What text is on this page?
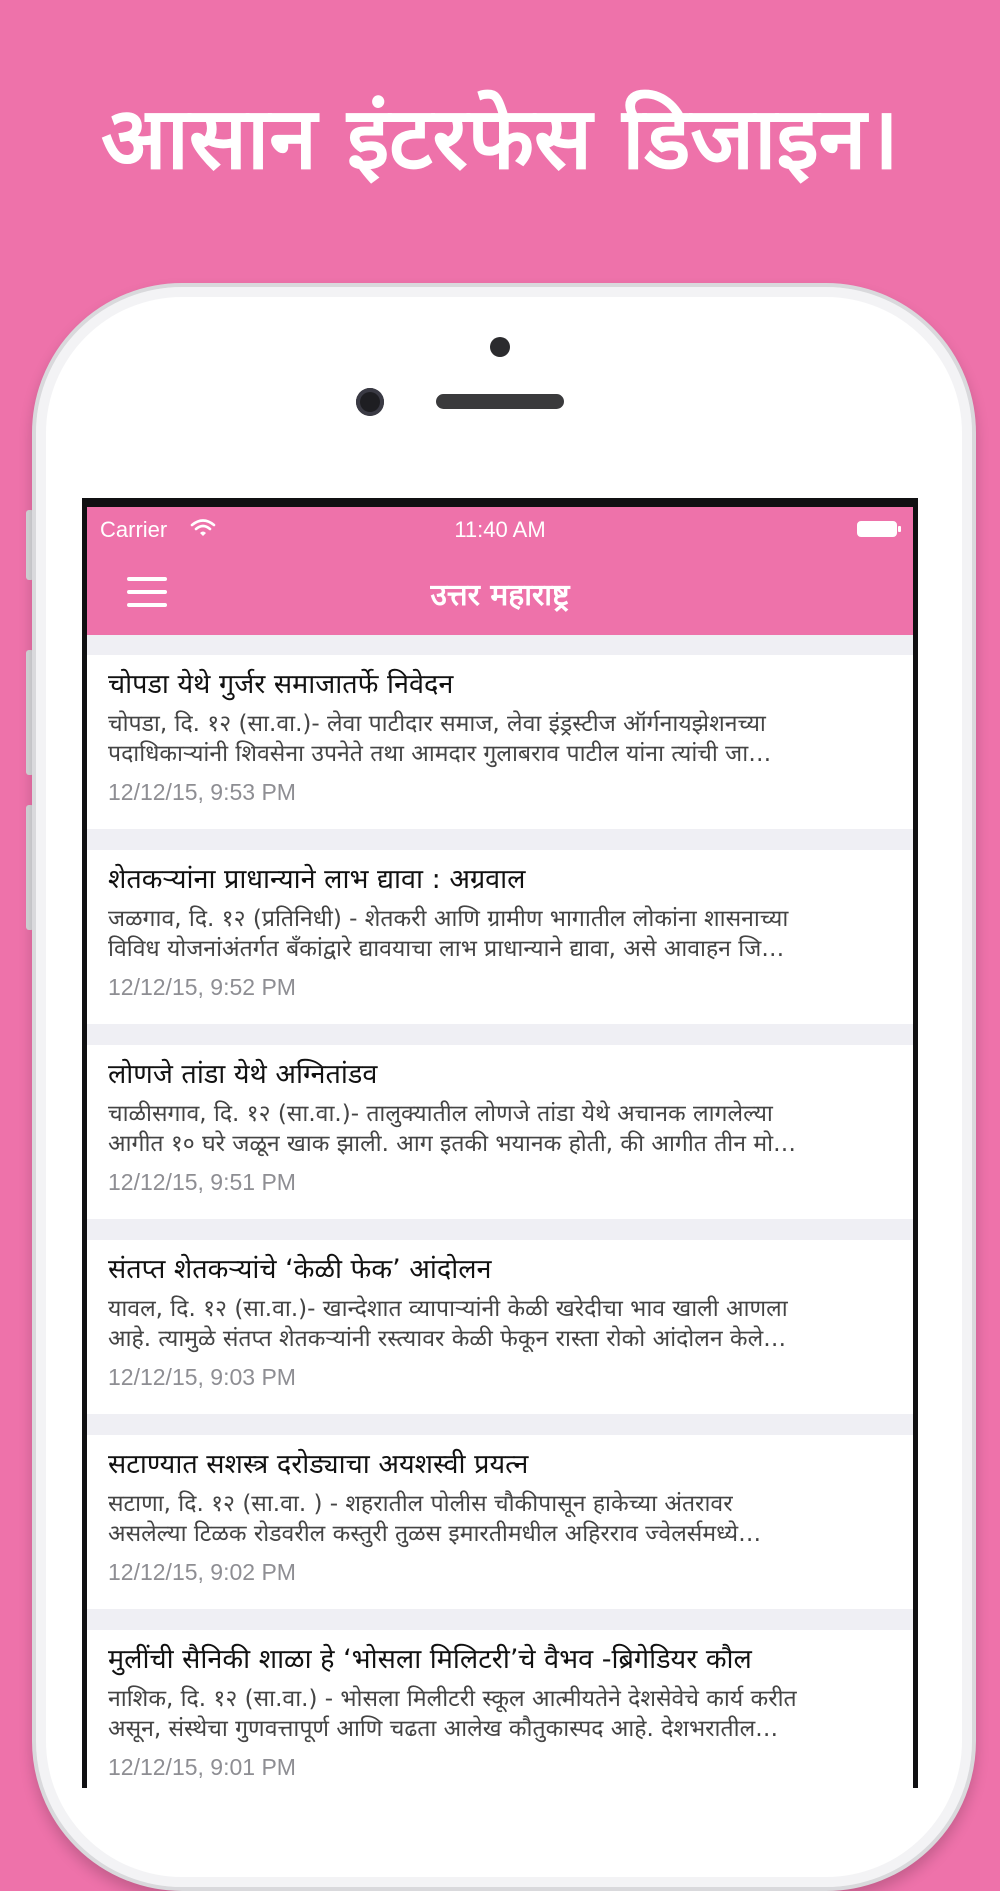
आसान इंटरफेस डिजाइन।
Carrier	11:40 AM
उत्तर महाराष्ट्र
चोपडा येथे गुर्जर समाजातर्फे निवेदन
चोपडा, दि. १२ (सा.वा.)- लेवा पाटीदार समाज, लेवा इंड्रस्टीज ऑर्गनायझेशनच्या
पदाधिकाऱ्यांनी शिवसेना उपनेते तथा आमदार गुलाबराव पाटील यांना त्यांची जा…
12/12/15, 9:53 PM
शेतकऱ्यांना प्राधान्याने लाभ द्यावा : अग्रवाल
जळगाव, दि. १२ (प्रतिनिधी) - शेतकरी आणि ग्रामीण भागातील लोकांना शासनाच्या
विविध योजनांअंतर्गत बँकांद्वारे द्यावयाचा लाभ प्राधान्याने द्यावा, असे आवाहन जि…
12/12/15, 9:52 PM
लोणजे तांडा येथे अग्नितांडव
चाळीसगाव, दि. १२ (सा.वा.)- तालुक्यातील लोणजे तांडा येथे अचानक लागलेल्या
आगीत १० घरे जळून खाक झाली. आग इतकी भयानक होती, की आगीत तीन मो…
12/12/15, 9:51 PM
संतप्त शेतकऱ्यांचे ‘केळी फेक’ आंदोलन
यावल, दि. १२ (सा.वा.)- खान्देशात व्यापाऱ्यांनी केळी खरेदीचा भाव खाली आणला
आहे. त्यामुळे संतप्त शेतकऱ्यांनी रस्त्यावर केळी फेकून रास्ता रोको आंदोलन केले…
12/12/15, 9:03 PM
सटाण्यात सशस्त्र दरोड्याचा अयशस्वी प्रयत्न
सटाणा, दि. १२ (सा.वा. ) - शहरातील पोलीस चौकीपासून हाकेच्या अंतरावर
असलेल्या टिळक रोडवरील कस्तुरी तुळस इमारतीमधील अहिरराव ज्वेलर्समध्ये…
12/12/15, 9:02 PM
मुलींची सैनिकी शाळा हे ‘भोसला मिलिटरी’चे वैभव -ब्रिगेडियर कौल
नाशिक, दि. १२ (सा.वा.) - भोसला मिलीटरी स्कूल आत्मीयतेने देशसेवेचे कार्य करीत
असून, संस्थेचा गुणवत्तापूर्ण आणि चढता आलेख कौतुकास्पद आहे. देशभरातील…
12/12/15, 9:01 PM
